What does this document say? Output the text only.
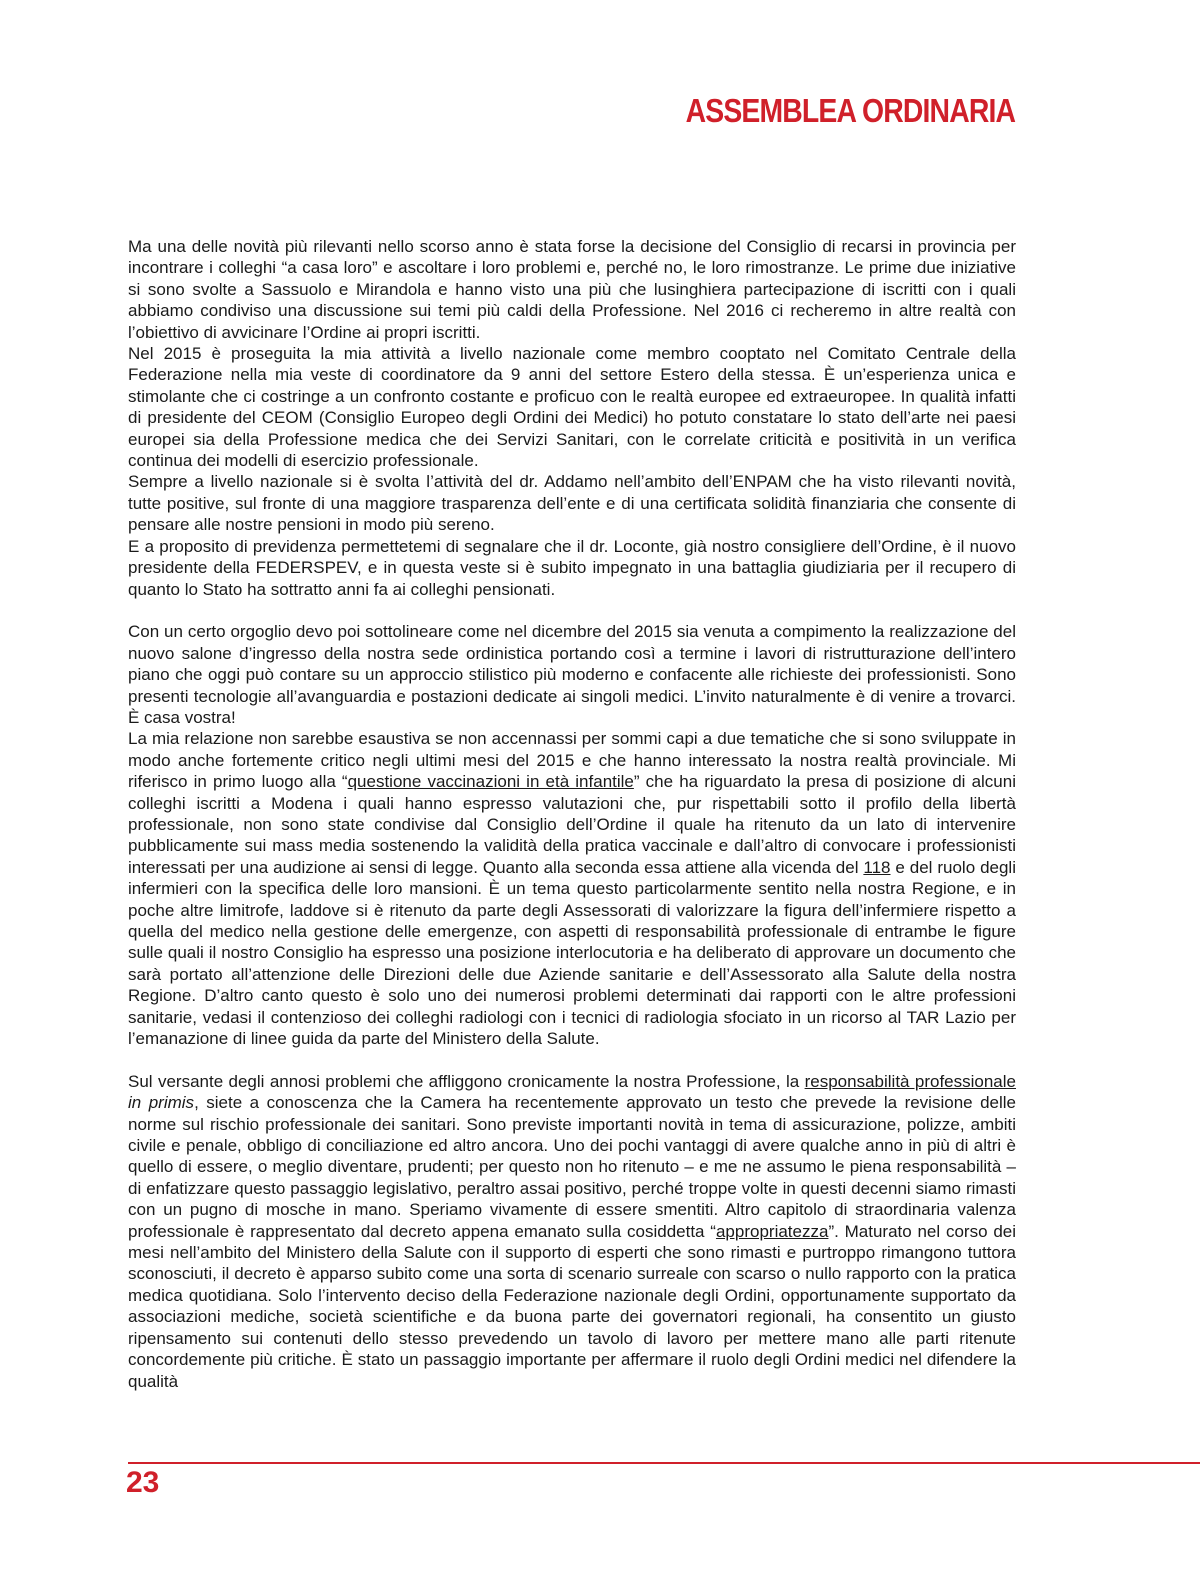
ASSEMBLEA ORDINARIA

Ma una delle novità più rilevanti nello scorso anno è stata forse la decisione del Consiglio di recarsi in provincia per incontrare i colleghi “a casa loro” e ascoltare i loro problemi e, perché no, le loro rimostranze. Le prime due iniziative si sono svolte a Sassuolo e Mirandola e hanno visto una più che lusinghiera partecipazione di iscritti con i quali abbiamo condiviso una discussione sui temi più caldi della Professione. Nel 2016 ci recheremo in altre realtà con l’obiettivo di avvicinare l’Ordine ai propri iscritti.

Nel 2015 è proseguita la mia attività a livello nazionale come membro cooptato nel Comitato Centrale della Federazione nella mia veste di coordinatore da 9 anni del settore Estero della stessa. È un’esperienza unica e stimolante che ci costringe a un confronto costante e proficuo con le realtà europee ed extraeuropee. In qualità infatti di presidente del CEOM (Consiglio Europeo degli Ordini dei Medici) ho potuto constatare lo stato dell’arte nei paesi europei sia della Professione medica che dei Servizi Sanitari, con le correlate criticità e positività in un verifica continua dei modelli di esercizio professionale.

Sempre a livello nazionale si è svolta l’attività del dr. Addamo nell’ambito dell’ENPAM che ha visto rilevanti novità, tutte positive, sul fronte di una maggiore trasparenza dell’ente e di una certificata solidità finanziaria che consente di pensare alle nostre pensioni in modo più sereno.

E a proposito di previdenza permettetemi di segnalare che il dr. Loconte, già nostro consigliere dell’Ordine, è il nuovo presidente della FEDERSPEV, e in questa veste si è subito impegnato in una battaglia giudiziaria per il recupero di quanto lo Stato ha sottratto anni fa ai colleghi pensionati.

Con un certo orgoglio devo poi sottolineare come nel dicembre del 2015 sia venuta a compimento la realizzazione del nuovo salone d’ingresso della nostra sede ordinistica portando così a termine i lavori di ristrutturazione dell’intero piano che oggi può contare su un approccio stilistico più moderno e confacente alle richieste dei professionisti. Sono presenti tecnologie all’avanguardia e postazioni dedicate ai singoli medici. L’invito naturalmente è di venire a trovarci. È casa vostra!

La mia relazione non sarebbe esaustiva se non accennassi per sommi capi a due tematiche che si sono sviluppate in modo anche fortemente critico negli ultimi mesi del 2015 e che hanno interessato la nostra realtà provinciale. Mi riferisco in primo luogo alla “questione vaccinazioni in età infantile” che ha riguardato la presa di posizione di alcuni colleghi iscritti a Modena i quali hanno espresso valutazioni che, pur rispettabili sotto il profilo della libertà professionale, non sono state condivise dal Consiglio dell’Ordine il quale ha ritenuto da un lato di intervenire pubblicamente sui mass media sostenendo la validità della pratica vaccinale e dall’altro di convocare i professionisti interessati per una audizione ai sensi di legge. Quanto alla seconda essa attiene alla vicenda del 118 e del ruolo degli infermieri con la specifica delle loro mansioni. È un tema questo particolarmente sentito nella nostra Regione, e in poche altre limitrofe, laddove si è ritenuto da parte degli Assessorati di valorizzare la figura dell’infermiere rispetto a quella del medico nella gestione delle emergenze, con aspetti di responsabilità professionale di entrambe le figure sulle quali il nostro Consiglio ha espresso una posizione interlocutoria e ha deliberato di approvare un documento che sarà portato all’attenzione delle Direzioni delle due Aziende sanitarie e dell’Assessorato alla Salute della nostra Regione. D’altro canto questo è solo uno dei numerosi problemi determinati dai rapporti con le altre professioni sanitarie, vedasi il contenzioso dei colleghi radiologi con i tecnici di radiologia sfociato in un ricorso al TAR Lazio per l’emanazione di linee guida da parte del Ministero della Salute.

Sul versante degli annosi problemi che affliggono cronicamente la nostra Professione, la responsabilità professionale in primis, siete a conoscenza che la Camera ha recentemente approvato un testo che prevede la revisione delle norme sul rischio professionale dei sanitari. Sono previste importanti novità in tema di assicurazione, polizze, ambiti civile e penale, obbligo di conciliazione ed altro ancora. Uno dei pochi vantaggi di avere qualche anno in più di altri è quello di essere, o meglio diventare, prudenti; per questo non ho ritenuto – e me ne assumo le piena responsabilità – di enfatizzare questo passaggio legislativo, peraltro assai positivo, perché troppe volte in questi decenni siamo rimasti con un pugno di mosche in mano. Speriamo vivamente di essere smentiti. Altro capitolo di straordinaria valenza professionale è rappresentato dal decreto appena emanato sulla cosiddetta “appropriatezza”. Maturato nel corso dei mesi nell’ambito del Ministero della Salute con il supporto di esperti che sono rimasti e purtroppo rimangono tuttora sconosciuti, il decreto è apparso subito come una sorta di scenario surreale con scarso o nullo rapporto con la pratica medica quotidiana. Solo l’intervento deciso della Federazione nazionale degli Ordini, opportunamente supportato da associazioni mediche, società scientifiche e da buona parte dei governatori regionali, ha consentito un giusto ripensamento sui contenuti dello stesso prevedendo un tavolo di lavoro per mettere mano alle parti ritenute concordemente più critiche. È stato un passaggio importante per affermare il ruolo degli Ordini medici nel difendere la qualità

23
